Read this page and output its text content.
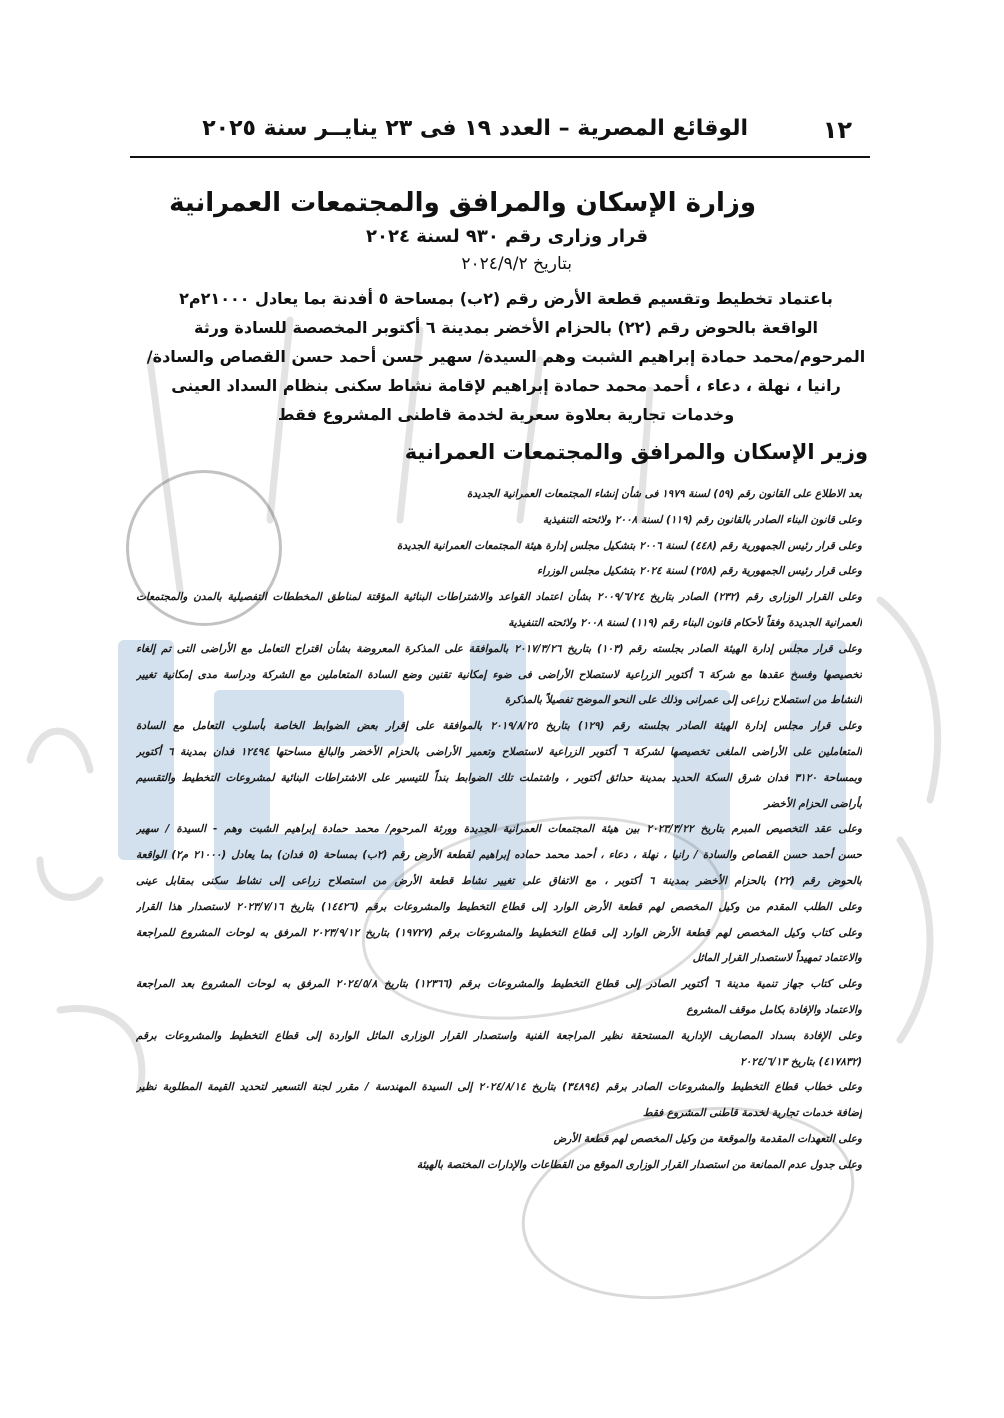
١٢
الوقائع المصرية – العدد ١٩ فى ٢٣ ينايــر سنة ٢٠٢٥
وزارة الإسكان والمرافق والمجتمعات العمرانية
قرار وزارى رقم ٩٣٠ لسنة ٢٠٢٤
بتاريخ ٢٠٢٤/٩/٢
باعتماد تخطيط وتقسيم قطعة الأرض رقم (٢ب) بمساحة ٥ أفدنة بما يعادل ٢١٠٠٠م٢
الواقعة بالحوض رقم (٢٢) بالحزام الأخضر بمدينة ٦ أكتوبر المخصصة للسادة ورثة
المرحوم/محمد حمادة إبراهيم الشبت وهم السيدة/ سهير حسن أحمد حسن القصاص والسادة/
رانيا ، نهلة ، دعاء ، أحمد محمد حمادة إبراهيم لإقامة نشاط سكنى بنظام السداد العينى
وخدمات تجارية بعلاوة سعرية لخدمة قاطنى المشروع فقط
وزير الإسكان والمرافق والمجتمعات العمرانية
بعد الاطلاع على القانون رقم (٥٩) لسنة ١٩٧٩ فى شأن إنشاء المجتمعات العمرانية الجديدة
وعلى قانون البناء الصادر بالقانون رقم (١١٩) لسنة ٢٠٠٨ ولائحته التنفيذية
وعلى قرار رئيس الجمهورية رقم (٤٤٨) لسنة ٢٠٠٦ بتشكيل مجلس إدارة هيئة المجتمعات العمرانية الجديدة
وعلى قرار رئيس الجمهورية رقم (٢٥٨) لسنة ٢٠٢٤ بتشكيل مجلس الوزراء
وعلى القرار الوزارى رقم (٢٣٢) الصادر بتاريخ ٢٠٠٩/٦/٢٤ بشأن اعتماد القواعد والاشتراطات البنائية المؤقتة لمناطق المخططات التفصيلية بالمدن والمجتمعات
العمرانية الجديدة وفقاً لأحكام قانون البناء رقم (١١٩) لسنة ٢٠٠٨ ولائحته التنفيذية
وعلى قرار مجلس إدارة الهيئة الصادر بجلسته رقم (١٠٣) بتاريخ ٢٠١٧/٣/٢٦ بالموافقة على المذكرة المعروضة بشأن اقتراح التعامل مع الأراضى التى تم إلغاء
تخصيصها وفسخ عقدها مع شركة ٦ أكتوبر الزراعية لاستصلاح الأراضى فى ضوء إمكانية تقنين وضع السادة المتعاملين مع الشركة ودراسة مدى إمكانية تغيير
النشاط من استصلاح زراعى إلى عمرانى وذلك على النحو الموضح تفصيلاً بالمذكرة
وعلى قرار مجلس إدارة الهيئة الصادر بجلسته رقم (١٢٩) بتاريخ ٢٠١٩/٨/٢٥ بالموافقة على إقرار بعض الضوابط الخاصة بأسلوب التعامل مع السادة
المتعاملين على الأراضى الملغى تخصيصها لشركة ٦ أكتوبر الزراعية لاستصلاح وتعمير الأراضى بالحزام الأخضر والبالغ مساحتها ١٢٤٩٤ فدان بمدينة ٦ أكتوبر
وبمساحة ٣١٢٠ فدان شرق السكة الحديد بمدينة حدائق أكتوبر ، واشتملت تلك الضوابط بنداً للتيسير على الاشتراطات البنائية لمشروعات التخطيط والتقسيم
بأراضى الحزام الأخضر
وعلى عقد التخصيص المبرم بتاريخ ٢٠٢٣/٣/٢٢ بين هيئة المجتمعات العمرانية الجديدة وورثة المرحوم/ محمد حمادة إبراهيم الشبت وهم - السيدة / سهير
حسن أحمد حسن القصاص والسادة / رانيا ، نهلة ، دعاء ، أحمد محمد حماده إبراهيم لقطعة الأرض رقم (٢ب) بمساحة (٥ فدان) بما يعادل (٢١٠٠٠ م٢) الواقعة
بالحوض رقم (٢٢) بالحزام الأخضر بمدينة ٦ أكتوبر ، مع الاتفاق على تغيير نشاط قطعة الأرض من استصلاح زراعى إلى نشاط سكنى بمقابل عينى
وعلى الطلب المقدم من وكيل المخصص لهم قطعة الأرض الوارد إلى قطاع التخطيط والمشروعات برقم (١٤٤٢٦) بتاريخ ٢٠٢٣/٧/١٦ لاستصدار هذا القرار
وعلى كتاب وكيل المخصص لهم قطعة الأرض الوارد إلى قطاع التخطيط والمشروعات برقم (١٩٧٢٧) بتاريخ ٢٠٢٣/٩/١٢ المرفق به لوحات المشروع للمراجعة
والاعتماد تمهيداً لاستصدار القرار الماثل
وعلى كتاب جهاز تنمية مدينة ٦ أكتوبر الصادر إلى قطاع التخطيط والمشروعات برقم (١٢٣٦٦) بتاريخ ٢٠٢٤/٥/٨ المرفق به لوحات المشروع بعد المراجعة
والاعتماد والإفادة بكامل موقف المشروع
وعلى الإفادة بسداد المصاريف الإدارية المستحقة نظير المراجعة الفنية واستصدار القرار الوزارى الماثل الواردة إلى قطاع التخطيط والمشروعات برقم
(٤١٧٨٣٢) بتاريخ ٢٠٢٤/٦/١٣
وعلى خطاب قطاع التخطيط والمشروعات الصادر برقم (٣٤٨٩٤) بتاريخ ٢٠٢٤/٨/١٤ إلى السيدة المهندسة / مقرر لجنة التسعير لتحديد القيمة المطلوبة نظير
إضافة خدمات تجارية لخدمة قاطنى المشروع فقط
وعلى التعهدات المقدمة والموقعة من وكيل المخصص لهم قطعة الأرض
وعلى جدول عدم الممانعة من استصدار القرار الوزارى الموقع من القطاعات والإدارات المختصة بالهيئة
